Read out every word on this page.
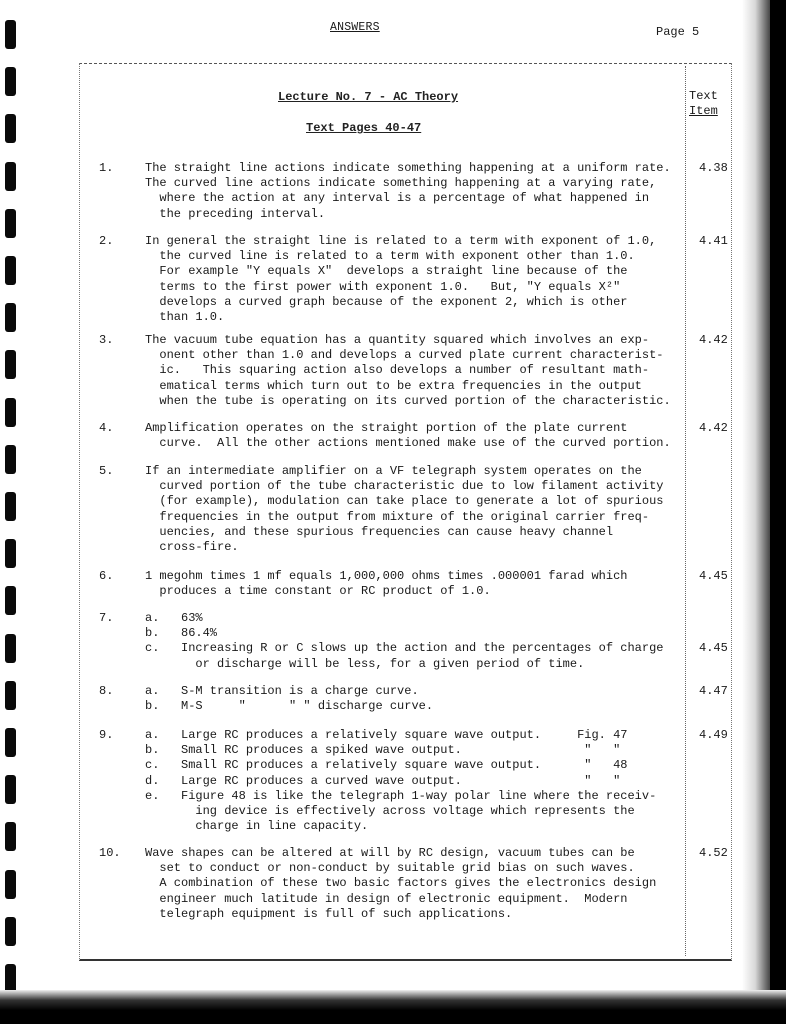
ANSWERS	Page 5
Text
Item
Lecture No. 7 - AC Theory
Text Pages 40-47
1.	The straight line actions indicate something happening at a uniform rate.
The curved line actions indicate something happening at a varying rate,
where the action at any interval is a percentage of what happened in
the preceding interval.
4.38
2.	In general the straight line is related to a term with exponent of 1.0,
the curved line is related to a term with exponent other than 1.0.
For example "Y equals X"  develops a straight line because of the
terms to the first power with exponent 1.0.   But, "Y equals X²"
develops a curved graph because of the exponent 2, which is other
than 1.0.
4.41
3.	The vacuum tube equation has a quantity squared which involves an exp-
onent other than 1.0 and develops a curved plate current characterist-
ic.   This squaring action also develops a number of resultant math-
ematical terms which turn out to be extra frequencies in the output
when the tube is operating on its curved portion of the characteristic.
4.42
4.	Amplification operates on the straight portion of the plate current
curve.  All the other actions mentioned make use of the curved portion.
4.42
5.	If an intermediate amplifier on a VF telegraph system operates on the
curved portion of the tube characteristic due to low filament activity
(for example), modulation can take place to generate a lot of spurious
frequencies in the output from mixture of the original carrier freq-
uencies, and these spurious frequencies can cause heavy channel
cross-fire.
6.	1 megohm times 1 mf equals 1,000,000 ohms times .000001 farad which
produces a time constant or RC product of 1.0.
4.45
7.	a.   63%
b.   86.4%
c.   Increasing R or C slows up the action and the percentages of charge
or discharge will be less, for a given period of time.
4.45
8.	a.   S-M transition is a charge curve.
b.   M-S     "      " " discharge curve.
4.47
9.	a.   Large RC produces a relatively square wave output.     Fig. 47
b.   Small RC produces a spiked wave output.                 "   "
c.   Small RC produces a relatively square wave output.      "   48
d.   Large RC produces a curved wave output.                 "   "
e.   Figure 48 is like the telegraph 1-way polar line where the receiv-
ing device is effectively across voltage which represents the
charge in line capacity.
4.49
10. Wave shapes can be altered at will by RC design, vacuum tubes can be
set to conduct or non-conduct by suitable grid bias on such waves.
A combination of these two basic factors gives the electronics design
engineer much latitude in design of electronic equipment.  Modern
telegraph equipment is full of such applications.
4.52
